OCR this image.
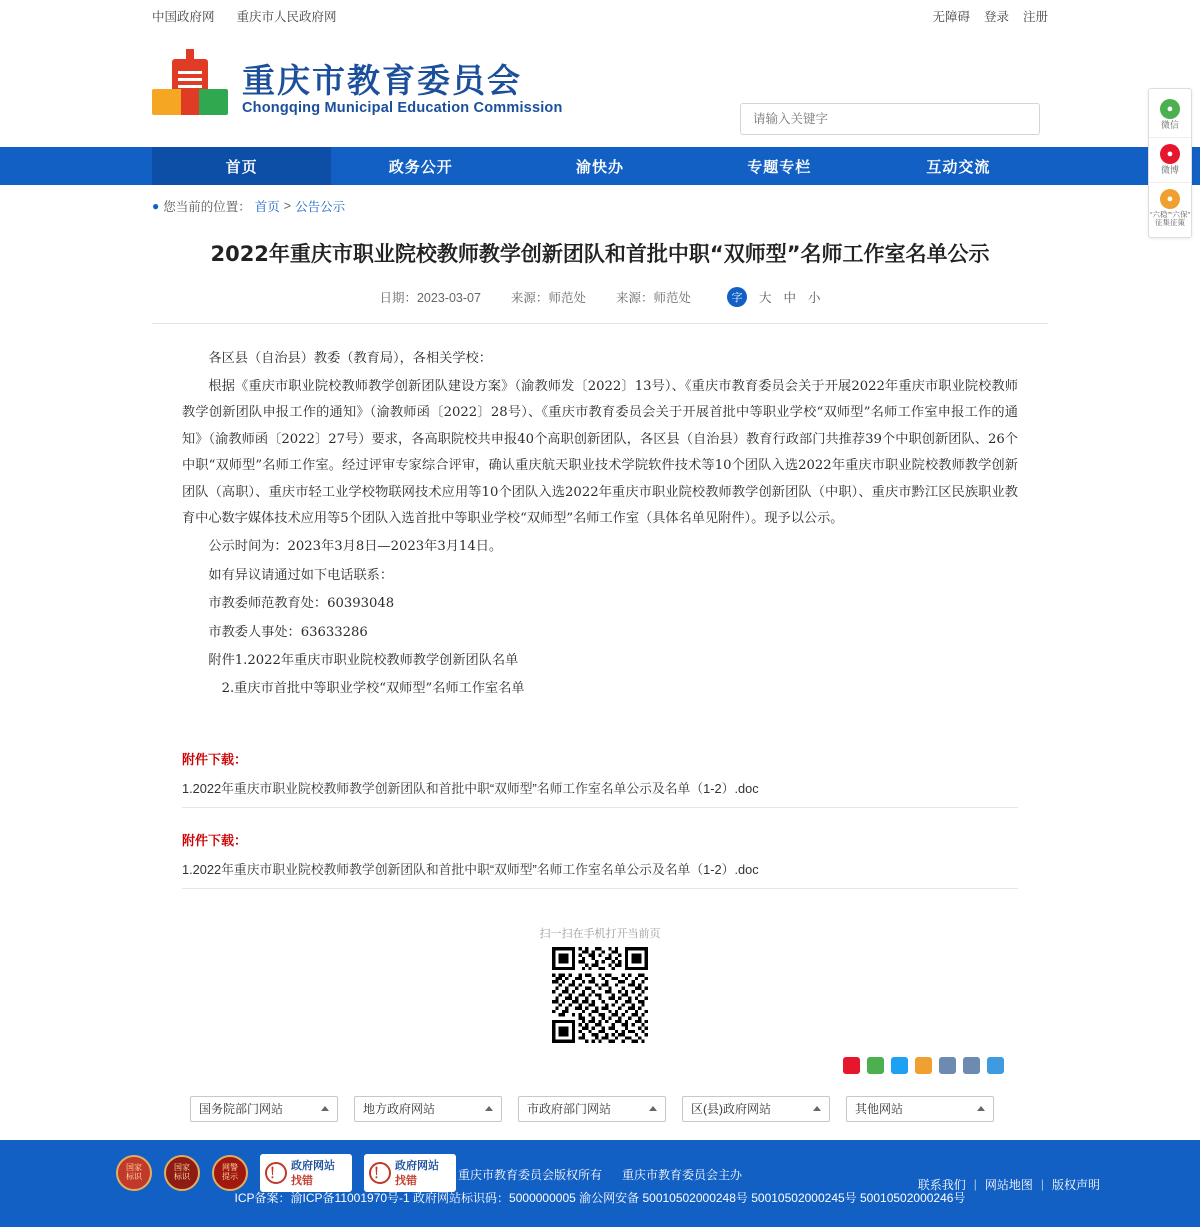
中国政府网 重庆市人民政府网	无障碍 登录 注册
重庆市教育委员会
Chongqing Municipal Education Commission
请输入关键字
首页	政务公开	渝快办	专题专栏	互动交流
● 您当前的位置： 首页 > 公告公示
2022年重庆市职业院校教师教学创新团队和首批中职“双师型”名师工作室名单公示
日期：2023-03-07 来源：师范处 来源：师范处	字	大 中 小

各区县（自治县）教委（教育局），各相关学校：

根据《重庆市职业院校教师教学创新团队建设方案》（渝教师发〔2022〕13号）、《重庆市教育委员会关于开展2022年重庆市职业院校教师教学创新团队申报工作的通知》（渝教师函〔2022〕28号）、《重庆市教育委员会关于开展首批中等职业学校“双师型”名师工作室申报工作的通知》（渝教师函〔2022〕27号）要求，各高职院校共申报40个高职创新团队，各区县（自治县）教育行政部门共推荐39个中职创新团队、26个中职“双师型”名师工作室。经过评审专家综合评审，确认重庆航天职业技术学院软件技术等10个团队入选2022年重庆市职业院校教师教学创新团队（高职）、重庆市轻工业学校物联网技术应用等10个团队入选2022年重庆市职业院校教师教学创新团队（中职）、重庆市黔江区民族职业教育中心数字媒体技术应用等5个团队入选首批中等职业学校“双师型”名师工作室（具体名单见附件）。现予以公示。

公示时间为：2023年3月8日—2023年3月14日。

如有异议请通过如下电话联系：

市教委师范教育处：60393048

市教委人事处：63633286

附件1.2022年重庆市职业院校教师教学创新团队名单

2.重庆市首批中等职业学校“双师型”名师工作室名单

附件下载：
1.2022年重庆市职业院校教师教学创新团队和首批中职“双师型”名师工作室名单公示及名单（1-2）.doc
附件下载：
1.2022年重庆市职业院校教师教学创新团队和首批中职“双师型”名师工作室名单公示及名单（1-2）.doc
扫一扫在手机打开当前页
国务院部门网站	地方政府网站	市政府部门网站	区(县)政府网站	其他网站
国家
标识
国家
标识
网警
提示	！ 政府网站
找错	！ 政府网站
找错	重庆市教育委员会版权所有 重庆市教育委员会主办
ICP备案：渝ICP备11001970号-1 政府网站标识码：5000000005 渝公网安备 50010502000248号 50010502000245号 50010502000246号
联系我们 | 网站地图 | 版权声明
●
微信
●
微博
●
“六稳”“六保” 征集征策
